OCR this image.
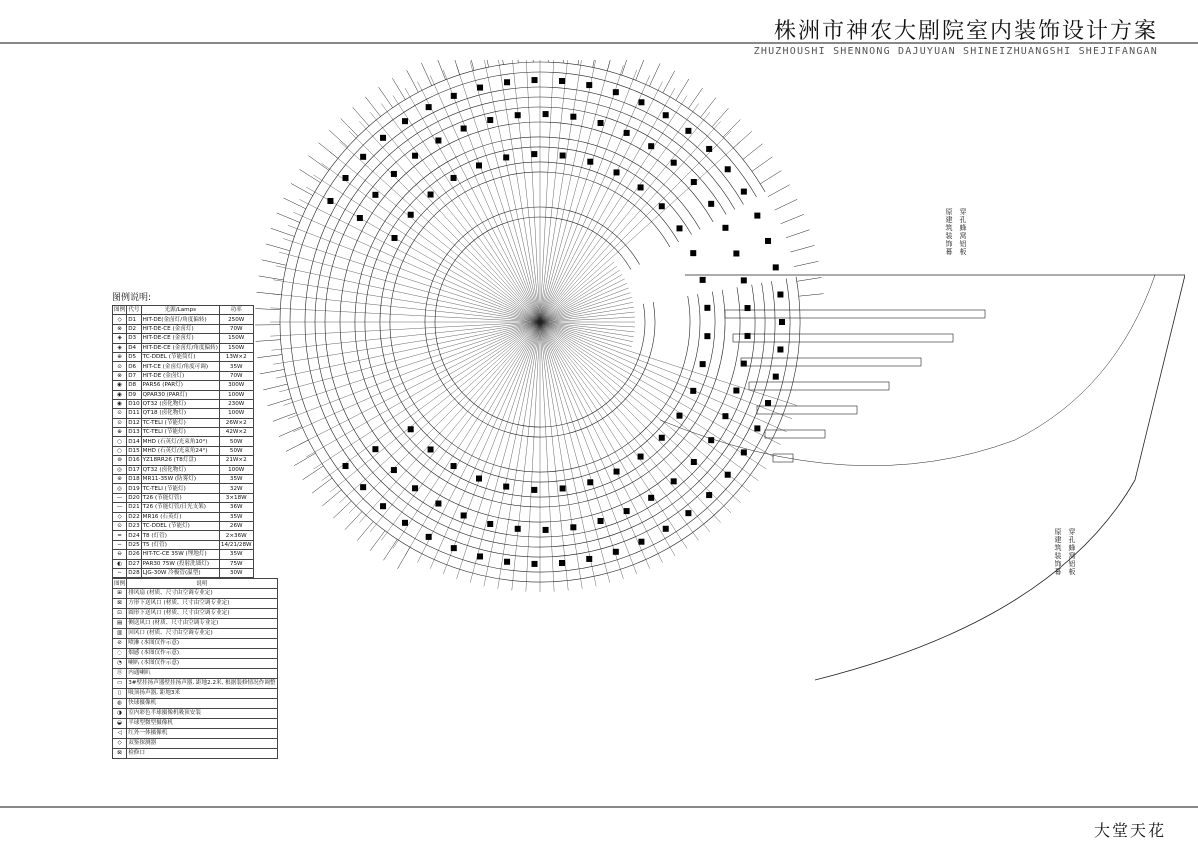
株洲市神农大剧院室内装饰设计方案
ZHUZHOUSHI SHENNONG DAJUYUAN SHINEIZHUANGSHI SHEJIFANGAN
图例说明:
图例	代号	光源/Lamps	功率
◇	D1	HIT-DE(金卤灯/角度偏转)	250W
⊗	D2	HIT-DE-CE (金卤灯)	70W
◈	D3	HIT-DE-CE (金卤灯)	150W
◈	D4	HIT-DE-CE (金卤灯/角度偏转)	150W
⊕	D5	TC-DDEL (节能筒灯)	13W×2
⊙	D6	HIT-CE (金卤灯/角度可调)	35W
⊗	D7	HIT-DE (金卤灯)	70W
◉	D8	PAR56 (PAR灯)	300W
◉	D9	QPAR30 (PAR灯)	100W
◉	D10	QT32 (卤化物灯)	230W
⊙	D11	QT18 (卤化物灯)	100W
⊙	D12	TC-TELI (节能灯)	26W×2
⊕	D13	TC-TELI (节能灯)	42W×2
○	D14	MHD (石英灯/光束角10°)	50W
○	D15	MHD (石英灯/光束角24°)	50W
⊚	D16	YZ18RR26 (T8灯盘)	21W×2
◎	D17	QT32 (卤化物灯)	100W
⊛	D18	MR11-35W (防雾灯)	35W
◎	D19	TC-TELI (节能灯)	32W
—	D20	T26 (节能灯管)	3×18W
—	D21	T26 (节能灯管/日光支架)	36W
◇	D22	MR16 (石英灯)	35W
⊙	D23	TC-DDEL (节能灯)	26W
═	D24	T8 (灯管)	2×36W
─	D25	T5 (灯管)	14/21/28W
⊖	D26	HIT-TC-CE 35W (埋地灯)	35W
◐	D27	PAR30 75W (投射洗墙灯)	75W
─	D28	LJG-30W 冷极管(温型)	30W
图例	说明
⊞	排风扇 (材质、尺寸由空调专业定)
⊠	方形下送风口 (材质、尺寸由空调专业定)
⊡	圆形下送风口 (材质、尺寸由空调专业定)
▤	侧送风口 (材质、尺寸由空调专业定)
▥	回风口 (材质、尺寸由空调专业定)
⊘	喷淋 (本图仅作示意)
◌	烟感 (本图仅作示意)
◔	喇叭 (本图仅作示意)
Ⓑ	内通喇叭
▭	3#壁挂扬声器壁挂扬声器, 距地2.2米, 根据装修情况作调整
▯	吸顶扬声器, 距地3米
◍	快球摄像机
◑	室内彩色半球摄像机吸顶安装
◒	半球型微型摄像机
◁	红外一体摄像机
◇	双鉴探测器
⊠	检修口
穿孔蜂窝铝板
原建筑装饰幕
穿孔蜂窝铝板
原建筑装饰幕
大堂天花
